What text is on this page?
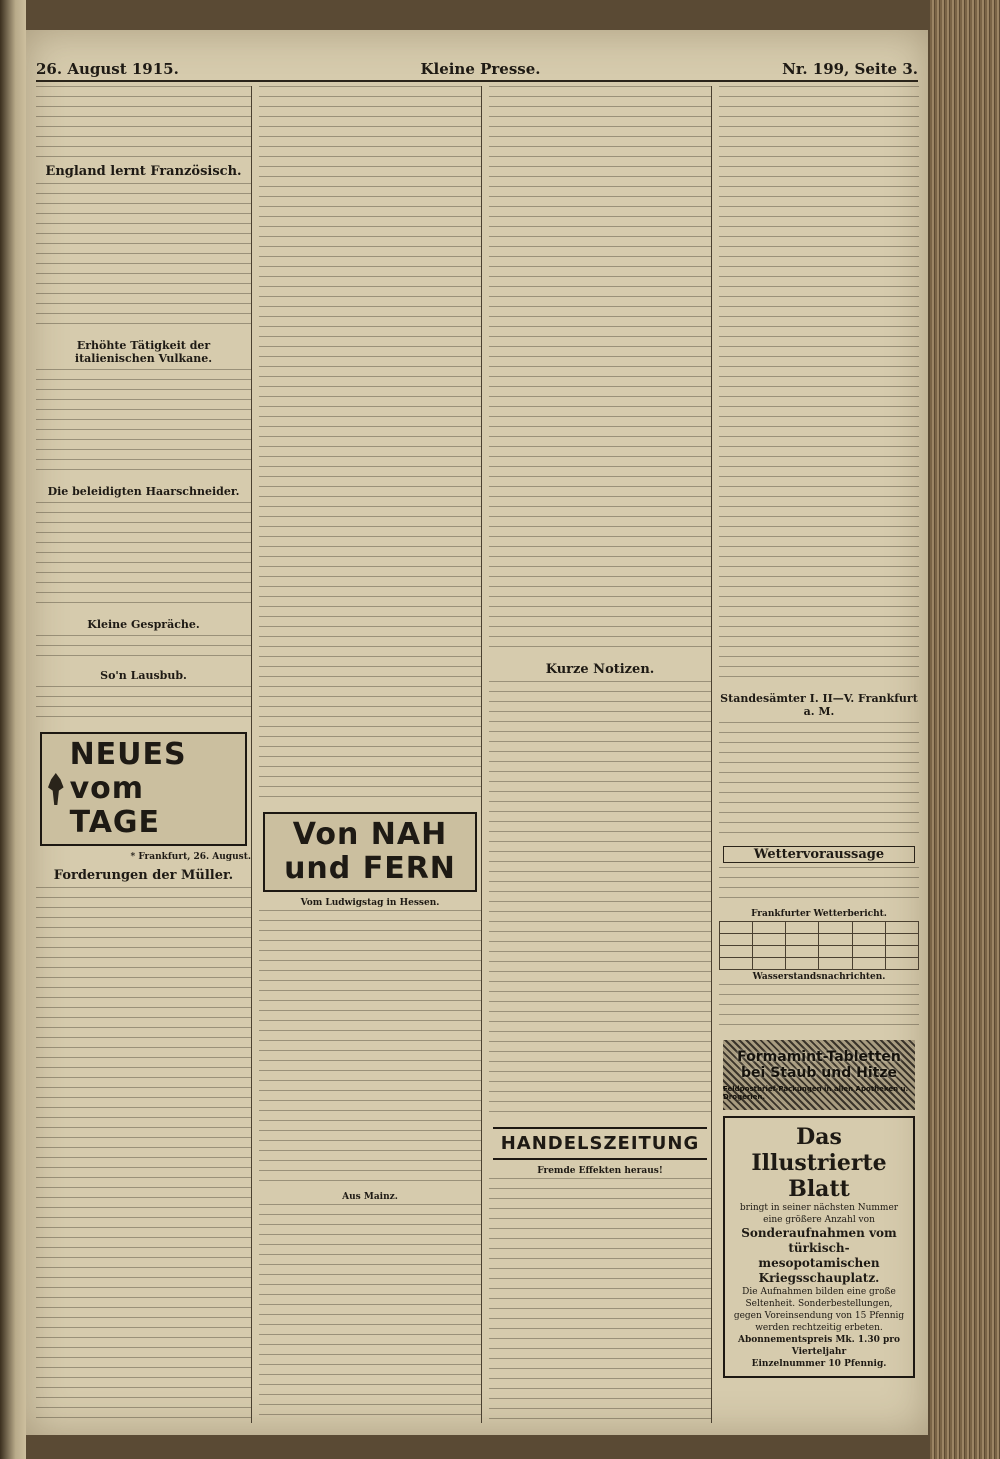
26. August 1915.	Kleine Presse.	Nr. 199, Seite 3.
England lernt Französisch.
Erhöhte Tätigkeit der italienischen Vulkane.
Die beleidigten Haarschneider.
Kleine Gespräche.
So'n Lausbub.
NEUES vom TAGE
* Frankfurt, 26. August.
Forderungen der Müller.
Von NAH und FERN
Vom Ludwigstag in Hessen.
Aus Mainz.
Kurze Notizen.
HANDELSZEITUNG
Fremde Effekten heraus!
Standesämter I. II—V. Frankfurt a. M.
Wettervoraussage
Frankfurter Wetterbericht.

Wasserstandsnachrichten.
Formamint-Tabletten
bei Staub und Hitze
Feldpostbrief-Packungen in allen Apotheken u. Drogerien.
Das Illustrierte Blatt
bringt in seiner nächsten Nummer eine größere Anzahl von
Sonderaufnahmen vom türkisch-mesopotamischen Kriegsschauplatz.
Die Aufnahmen bilden eine große Seltenheit. Sonderbestellungen, gegen Voreinsendung von 15 Pfennig werden rechtzeitig erbeten.
Abonnementspreis Mk. 1.30 pro Vierteljahr
Einzelnummer 10 Pfennig.
